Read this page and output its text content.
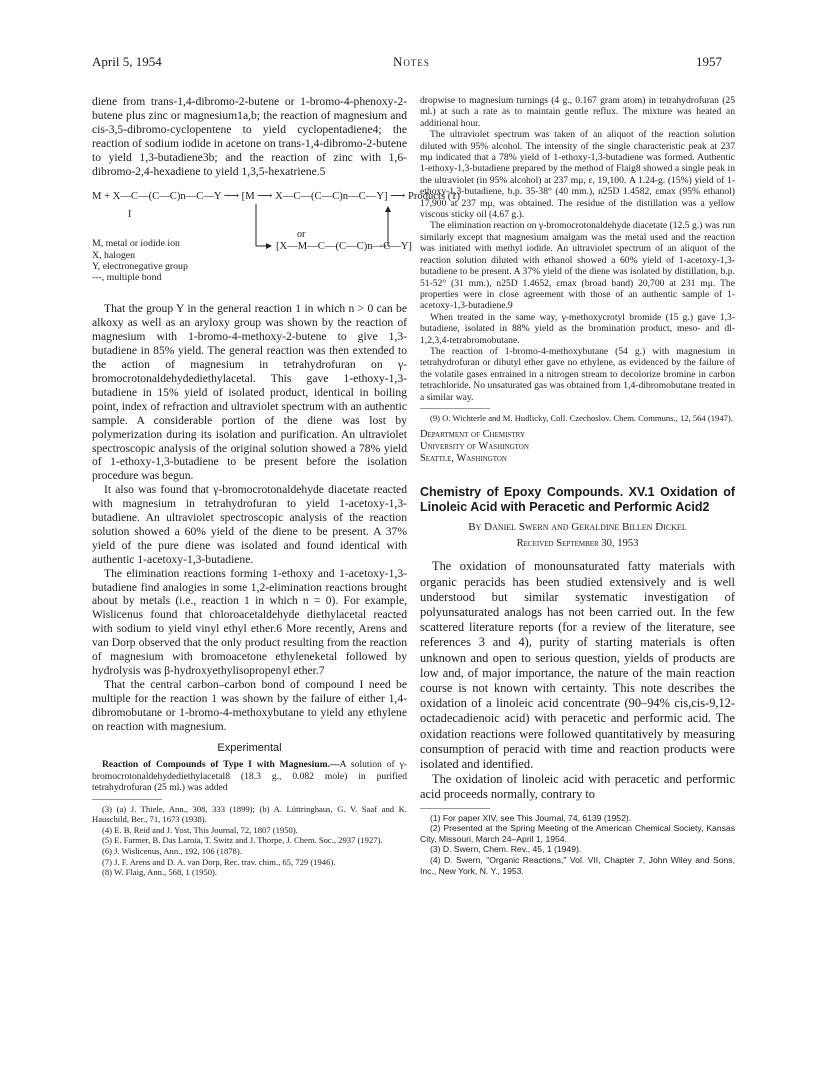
April 5, 1954	Notes	1957

diene from trans-1,4-dibromo-2-butene or 1-bromo-4-phenoxy-2-butene plus zinc or magnesium1a,b; the reaction of magnesium and cis-3,5-dibromo-cyclopentene to yield cyclopentadiene4; the reaction of sodium iodide in acetone on trans-1,4-dibromo-2-butene to yield 1,3-butadiene3b; and the reaction of zinc with 1,6-dibromo-2,4-hexadiene to yield 1,3,5-hexatriene.5

M + X—C—(C—C)n—C—Y ⟶ [M ⟶ X—C—(C—C)n—C—Y] ⟶ Products (1)
I
or
[X—M—C—(C—C)n—C—Y]
M, metal or iodide ion
X, halogen
Y, electronegative group
---, multiple bond

That the group Y in the general reaction 1 in which n > 0 can be alkoxy as well as an aryloxy group was shown by the reaction of magnesium with 1-bromo-4-methoxy-2-butene to give 1,3-butadiene in 85% yield. The general reaction was then extended to the action of magnesium in tetrahydrofuran on γ-bromocrotonaldehydediethylacetal. This gave 1-ethoxy-1,3-butadiene in 15% yield of isolated product, identical in boiling point, index of refraction and ultraviolet spectrum with an authentic sample. A considerable portion of the diene was lost by polymerization during its isolation and purification. An ultraviolet spectroscopic analysis of the original solution showed a 78% yield of 1-ethoxy-1,3-butadiene to be present before the isolation procedure was begun.

It also was found that γ-bromocrotonaldehyde diacetate reacted with magnesium in tetrahydrofuran to yield 1-acetoxy-1,3-butadiene. An ultraviolet spectroscopic analysis of the reaction solution showed a 60% yield of the diene to be present. A 37% yield of the pure diene was isolated and found identical with authentic 1-acetoxy-1,3-butadiene.

The elimination reactions forming 1-ethoxy and 1-acetoxy-1,3-butadiene find analogies in some 1,2-elimination reactions brought about by metals (i.e., reaction 1 in which n = 0). For example, Wislicenus found that chloroacetaldehyde diethylacetal reacted with sodium to yield vinyl ethyl ether.6 More recently, Arens and van Dorp observed that the only product resulting from the reaction of magnesium with bromoacetone ethyleneketal followed by hydrolysis was β-hydroxyethylisopropenyl ether.7

That the central carbon–carbon bond of compound I need be multiple for the reaction 1 was shown by the failure of either 1,4-dibromobutane or 1-bromo-4-methoxybutane to yield any ethylene on reaction with magnesium.

Experimental

Reaction of Compounds of Type I with Magnesium.—A solution of γ-bromocrotonaldehydediethylacetal8 (18.3 g., 0.082 mole) in purified tetrahydrofuran (25 ml.) was added

(3) (a) J. Thiele, Ann., 308, 333 (1899); (b) A. Lüttringhaus, G. V. Saaf and K. Hauschild, Ber., 71, 1673 (1938).

(4) E. B. Reid and J. Yost, This Journal, 72, 1807 (1950).

(5) E. Farmer, B. Das Laroia, T. Switz and J. Thorpe, J. Chem. Soc., 2937 (1927).

(6) J. Wislicenus, Ann., 192, 106 (1878).

(7) J. F. Arens and D. A. van Dorp, Rec. trav. chim., 65, 729 (1946).

(8) W. Flaig, Ann., 568, 1 (1950).

dropwise to magnesium turnings (4 g., 0.167 gram atom) in tetrahydrofuran (25 ml.) at such a rate as to maintain gentle reflux. The mixture was heated an additional hour.

The ultraviolet spectrum was taken of an aliquot of the reaction solution diluted with 95% alcohol. The intensity of the single characteristic peak at 237 mμ indicated that a 78% yield of 1-ethoxy-1,3-butadiene was formed. Authentic 1-ethoxy-1,3-butadiene prepared by the method of Flaig8 showed a single peak in the ultraviolet (in 95% alcohol) at 237 mμ, ε, 19,100. A 1.24-g. (15%) yield of 1-ethoxy-1,3-butadiene, b.p. 35-38° (40 mm.), n25D 1.4582, εmax (95% ethanol) 17,900 at 237 mμ, was obtained. The residue of the distillation was a yellow viscous sticky oil (4.67 g.).

The elimination reaction on γ-bromocrotonaldehyde diacetate (12.5 g.) was run similarly except that magnesium amalgam was the metal used and the reaction was initiated with methyl iodide. An ultraviolet spectrum of an aliquot of the reaction solution diluted with ethanol showed a 60% yield of 1-acetoxy-1,3-butadiene to be present. A 37% yield of the diene was isolated by distillation, b.p. 51-52° (31 mm.), n25D 1.4652, εmax (broad band) 20,700 at 231 mμ. The properties were in close agreement with those of an authentic sample of 1-acetoxy-1,3-butadiene.9

When treated in the same way, γ-methoxycrotyl bromide (15 g.) gave 1,3-butadiene, isolated in 88% yield as the bromination product, meso- and dl-1,2,3,4-tetrabromobutane.

The reaction of 1-bromo-4-methoxybutane (54 g.) with magnesium in tetrahydrofuran or dibutyl ether gave no ethylene, as evidenced by the failure of the volatile gases entrained in a nitrogen stream to decolorize bromine in carbon tetrachloride. No unsaturated gas was obtained from 1,4-dibromobutane treated in a similar way.

(9) O. Wichterle and M. Hudlicky, Coll. Czechoslov. Chem. Communs., 12, 564 (1947).

Department of Chemistry
University of Washington
Seattle, Washington
Chemistry of Epoxy Compounds. XV.1 Oxidation of Linoleic Acid with Peracetic and Performic Acid2
By Daniel Swern and Geraldine Billen Dickel
Received September 30, 1953

The oxidation of monounsaturated fatty materials with organic peracids has been studied extensively and is well understood but similar systematic investigation of polyunsaturated analogs has not been carried out. In the few scattered literature reports (for a review of the literature, see references 3 and 4), purity of starting materials is often unknown and open to serious question, yields of products are low and, of major importance, the nature of the main reaction course is not known with certainty. This note describes the oxidation of a linoleic acid concentrate (90–94% cis,cis-9,12-octadecadienoic acid) with peracetic and performic acid. The oxidation reactions were followed quantitatively by measuring consumption of peracid with time and reaction products were isolated and identified.

The oxidation of linoleic acid with peracetic and performic acid proceeds normally, contrary to

(1) For paper XIV, see This Journal, 74, 6139 (1952).

(2) Presented at the Spring Meeting of the American Chemical Society, Kansas City, Missouri, March 24–April 1, 1954.

(3) D. Swern, Chem. Rev., 45, 1 (1949).

(4) D. Swern, "Organic Reactions," Vol. VII, Chapter 7, John Wiley and Sons, Inc., New York, N. Y., 1953.
